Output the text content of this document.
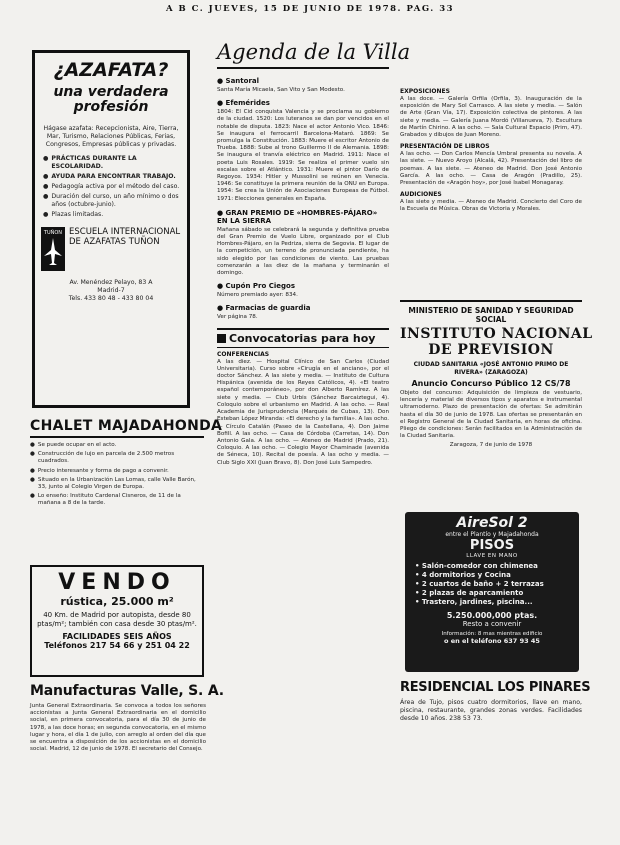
A B C. JUEVES, 15 DE JUNIO DE 1978. PAG. 33
¿AZAFATA?
una verdadera profesión
Hágase azafata: Recepcionista, Aire, Tierra, Mar, Turismo, Relaciones Públicas, Ferias, Congresos, Empresas públicas y privadas.
● PRÁCTICAS DURANTE LA ESCOLARIDAD.
● AYUDA PARA ENCONTRAR TRABAJO.
● Pedagogía activa por el método del caso.
● Duración del curso, un año mínimo o dos años (octubre-junio).
● Plazas limitadas.
TUÑON ESCUELA INTERNACIONAL DE AZAFATAS TUÑON
Av. Menéndez Pelayo, 83 A
Madrid-7
Tels. 433 80 48 - 433 80 04
CHALET MAJADAHONDA
● Se puede ocupar en el acto.
● Construcción de lujo en parcela de 2.500 metros cuadrados.
● Precio interesante y forma de pago a convenir.
● Situado en la Urbanización Las Lomas, calle Valle Barón, 33, junto al Colegio Virgen de Europa.
● Lo enseño: Instituto Cardenal Cisneros, de 11 de la mañana a 8 de la tarde.
VENDO
rústica, 25.000 m²
40 Km. de Madrid por autopista, desde 80 ptas/m²; también con casa desde 30 ptas/m².
FACILIDADES SEIS AÑOS
Teléfonos 217 54 66 y 251 04 22
Manufacturas Valle, S. A.
Junta General Extraordinaria. Se convoca a todos los señores accionistas a Junta General Extraordinaria en el domicilio social, en primera convocatoria, para el día 30 de junio de 1978, a las doce horas; en segunda convocatoria, en el mismo lugar y hora, el día 1 de julio, con arreglo al orden del día que se encuentra a disposición de los accionistas en el domicilio social. Madrid, 12 de junio de 1978. El secretario del Consejo.
Agenda de la Villa
● Santoral
Santa María Micaela, San Vito y San Modesto.
● Efemérides
1804: El Cid conquista Valencia y se proclama su gobierno de la ciudad. 1520: Los luteranos se dan por vencidos en el notable de disputa. 1823: Nace el actor Antonio Vico. 1846: Se inaugura el ferrocarril Barcelona-Mataró. 1869: Se promulga la Constitución. 1883: Muere el escritor Antonio de Trueba. 1888: Sube al trono Guillermo II de Alemania. 1898: Se inaugura el tranvía eléctrico en Madrid. 1911: Nace el poeta Luis Rosales. 1919: Se realiza el primer vuelo sin escalas sobre el Atlántico. 1931: Muere el pintor Darío de Regoyos. 1934: Hitler y Mussolini se reúnen en Venecia. 1946: Se constituye la primera reunión de la ONU en Europa. 1954: Se crea la Unión de Asociaciones Europeas de Fútbol. 1971: Elecciones generales en España.
● GRAN PREMIO DE «HOMBRES-PÁJARO» EN LA SIERRA
Mañana sábado se celebrará la segunda y definitiva prueba del Gran Premio de Vuelo Libre, organizado por el Club Hombres-Pájaro, en la Pedriza, sierra de Segovia. El lugar de la competición, un terreno de pronunciada pendiente, ha sido elegido por las condiciones de viento. Las pruebas comenzarán a las diez de la mañana y terminarán el domingo.
● Cupón Pro Ciegos
Número premiado ayer: 834.
● Farmacias de guardia
Ver página 78.
Convocatorias para hoy
CONFERENCIAS
A las diez. — Hospital Clínico de San Carlos (Ciudad Universitaria). Curso sobre «Cirugía en el anciano», por el doctor Sánchez. A las siete y media. — Instituto de Cultura Hispánica (avenida de los Reyes Católicos, 4). «El teatro español contemporáneo», por don Alberto Ramírez. A las siete y media. — Club Urbis (Sánchez Barcaiztegui, 4). Coloquio sobre el urbanismo en Madrid. A las ocho. — Real Academia de Jurisprudencia (Marqués de Cubas, 13). Don Esteban López Miranda: «El derecho y la familia». A las ocho. — Círculo Catalán (Paseo de la Castellana, 4). Don Jaime Bofill. A las ocho. — Casa de Córdoba (Carretas, 14). Don Antonio Gala. A las ocho. — Ateneo de Madrid (Prado, 21). Coloquio. A las ocho. — Colegio Mayor Chaminade (avenida de Séneca, 10). Recital de poesía. A las ocho y media. — Club Siglo XXI (Juan Bravo, 8). Don José Luis Sampedro.
EXPOSICIONES
A las doce. — Galería Orfila (Orfila, 3). Inauguración de la exposición de Mary Sol Carrasco. A las siete y media. — Salón de Arte (Gran Vía, 17). Exposición colectiva de pintores. A las siete y media. — Galería Juana Mordó (Villanueva, 7). Escultura de Martín Chirino. A las ocho. — Sala Cultural Espacio (Prim, 47). Grabados y dibujos de Juan Moreno.
PRESENTACIÓN DE LIBROS
A las ocho. — Don Carlos Mencía Umbral presenta su novela. A las siete. — Nuevo Aroyo (Alcalá, 42). Presentación del libro de poemas. A las siete. — Ateneo de Madrid. Don José Antonio García. A las ocho. — Casa de Aragón (Pradillo, 25). Presentación de «Aragón hoy», por José Isabel Monagaray.
AUDICIONES
A las siete y media. — Ateneo de Madrid. Concierto del Coro de la Escuela de Música. Obras de Victoria y Morales.
MINISTERIO DE SANIDAD Y SEGURIDAD SOCIAL
INSTITUTO NACIONAL
DE PREVISION
CIUDAD SANITARIA «JOSÉ ANTONIO PRIMO DE RIVERA» (ZARAGOZA)
Anuncio Concurso Público 12 CS/78
Objeto del concurso: Adquisición de limpieza de vestuario, lencería y material de diversos tipos y aparatos e instrumental ultramoderno. Plazo de presentación de ofertas: Se admitirán hasta el día 30 de junio de 1978. Las ofertas se presentarán en el Registro General de la Ciudad Sanitaria, en horas de oficina. Pliego de condiciones: Serán facilitados en la Administración de la Ciudad Sanitaria.
Zaragoza, 7 de junio de 1978
AireSol 2
entre el Plantío y Majadahonda
PISOS
LLAVE EN MANO
• Salón-comedor con chimenea
• 4 dormitorios y Cocina
• 2 cuartos de baño + 2 terrazas
• 2 plazas de aparcamiento
• Trastero, jardines, piscina...
5.250.000,000 ptas.
Resto a convenir
Información: 8 mas mientras edificio
o en el teléfono 637 93 45
RESIDENCIAL LOS PINARES
Área de Tujo, pisos cuatro dormitorios, llave en mano, piscina, restaurante, grandes zonas verdes. Facilidades desde 10 años. 238 53 73.
